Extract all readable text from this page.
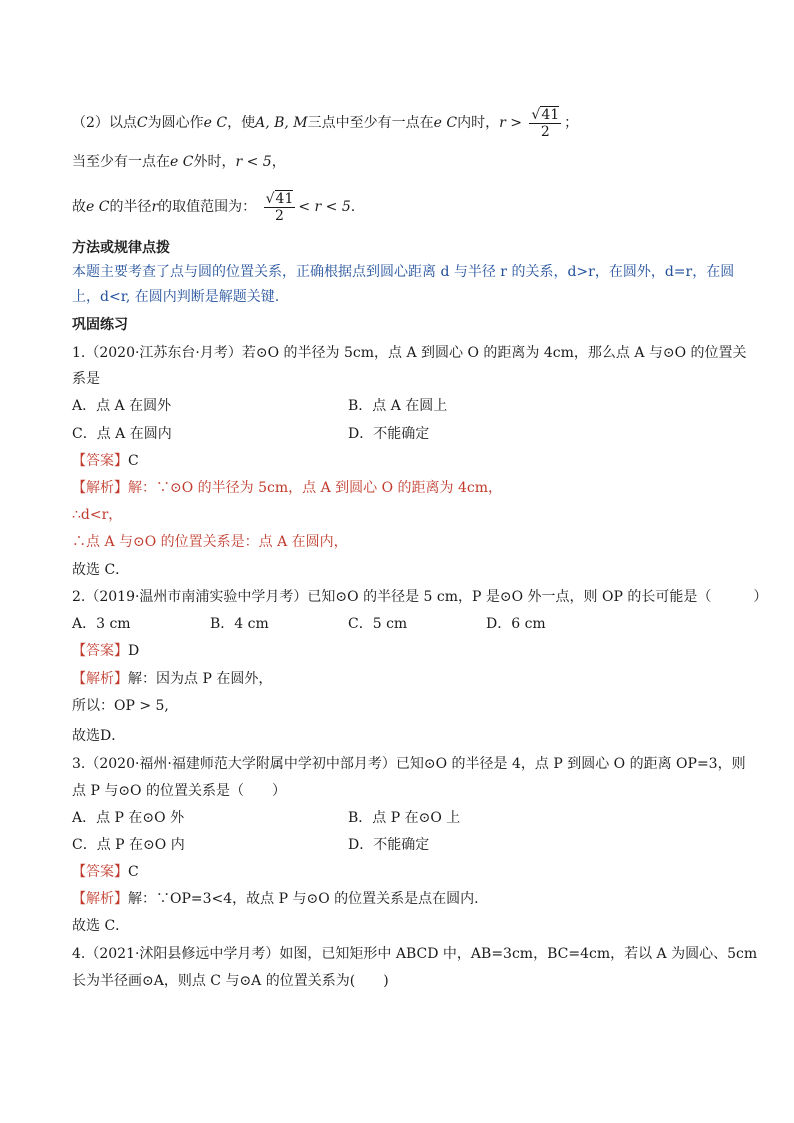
（2）以点C为圆心作e C，使A, B, M三点中至少有一点在e C内时，$r > \frac{√41}{2}$ ；
当至少有一点在e C外时，r < 5，
故e C的半径r的取值范围为： $\frac{√41}{2} < r < 5$.
方法或规律点拨
本题主要考查了点与圆的位置关系，正确根据点到圆心距离 d 与半径 r 的关系，d>r，在圆外，d=r，在圆
上，d<r, 在圆内判断是解题关键.
巩固练习
1.（2020·江苏东台·月考）若⊙O 的半径为 5cm，点 A 到圆心 O 的距离为 4cm，那么点 A 与⊙O 的位置关
系是
A．点 A 在圆外	B．点 A 在圆上
C．点 A 在圆内	D．不能确定
【答案】C
【解析】解：∵⊙O 的半径为 5cm，点 A 到圆心 O 的距离为 4cm，
∴d<r，
∴点 A 与⊙O 的位置关系是：点 A 在圆内，
故选 C．
2.（2019·温州市南浦实验中学月考）已知⊙O 的半径是 5 cm，P 是⊙O 外一点，则 OP 的长可能是（　　　）
A．3 cm	B．4 cm	C．5 cm	D．6 cm
【答案】D
【解析】解：因为点 P 在圆外，
所以：OP > 5,
故选D．
3.（2020·福州·福建师范大学附属中学初中部月考）已知⊙O 的半径是 4，点 P 到圆心 O 的距离 OP=3，则
点 P 与⊙O 的位置关系是（　　）
A．点 P 在⊙O 外	B．点 P 在⊙O 上
C．点 P 在⊙O 内	D．不能确定
【答案】C
【解析】解：∵OP=3<4，故点 P 与⊙O 的位置关系是点在圆内.
故选 C．
4.（2021·沭阳县修远中学月考）如图，已知矩形中 ABCD 中，AB=3cm，BC=4cm，若以 A 为圆心、5cm
长为半径画⊙A，则点 C 与⊙A 的位置关系为(　　)
